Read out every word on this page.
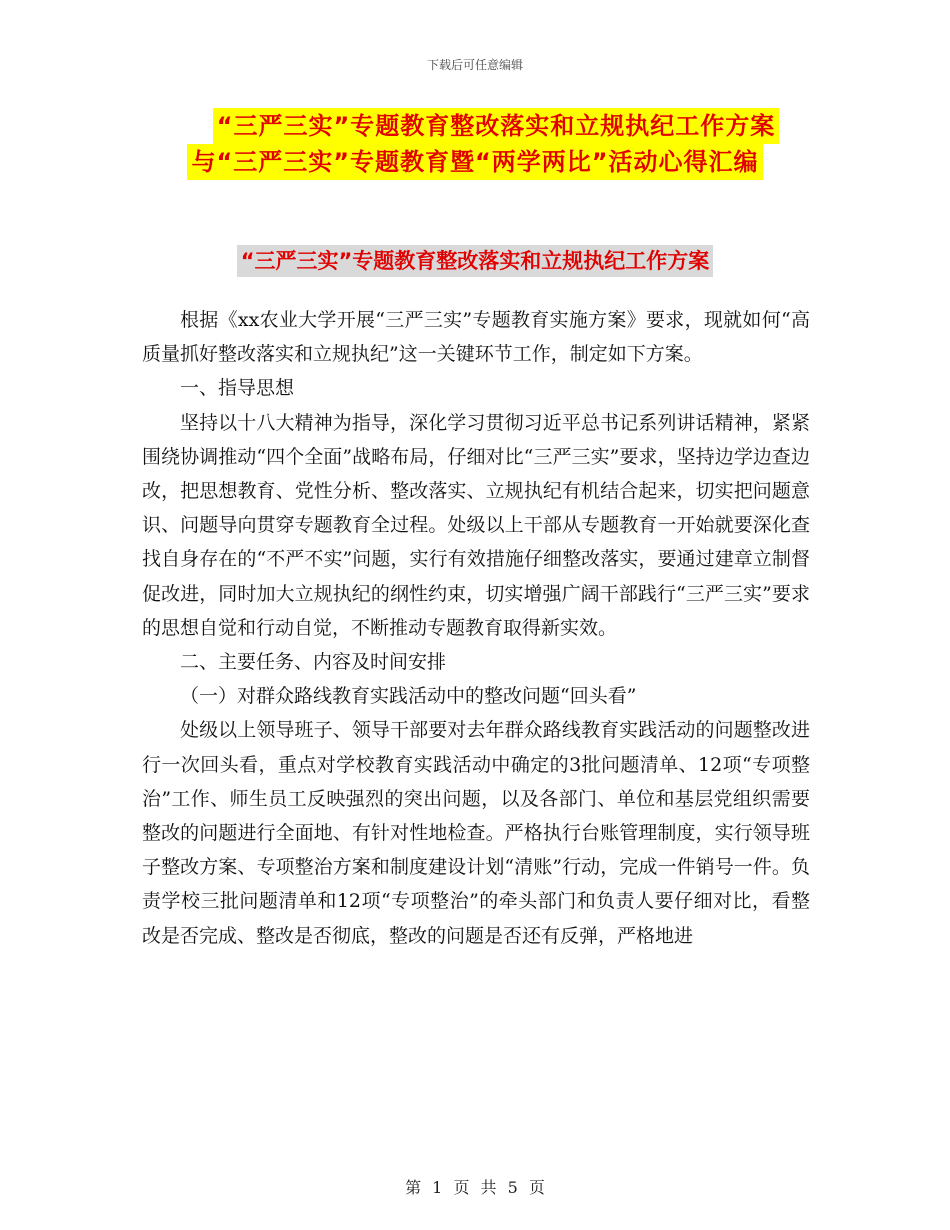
下载后可任意编辑
“三严三实”专题教育整改落实和立规执纪工作方案
与“三严三实”专题教育暨“两学两比”活动心得汇编
“三严三实”专题教育整改落实和立规执纪工作方案

根据《xx农业大学开展“三严三实”专题教育实施方案》要求，现就如何“高质量抓好整改落实和立规执纪”这一关键环节工作，制定如下方案。

一、指导思想

坚持以十八大精神为指导，深化学习贯彻习近平总书记系列讲话精神，紧紧围绕协调推动“四个全面”战略布局，仔细对比“三严三实”要求，坚持边学边查边改，把思想教育、党性分析、整改落实、立规执纪有机结合起来，切实把问题意识、问题导向贯穿专题教育全过程。处级以上干部从专题教育一开始就要深化查找自身存在的“不严不实”问题，实行有效措施仔细整改落实，要通过建章立制督促改进，同时加大立规执纪的纲性约束，切实增强广阔干部践行“三严三实”要求的思想自觉和行动自觉，不断推动专题教育取得新实效。

二、主要任务、内容及时间安排

（一）对群众路线教育实践活动中的整改问题“回头看”

处级以上领导班子、领导干部要对去年群众路线教育实践活动的问题整改进行一次回头看，重点对学校教育实践活动中确定的3批问题清单、12项“专项整治”工作、师生员工反映强烈的突出问题，以及各部门、单位和基层党组织需要整改的问题进行全面地、有针对性地检查。严格执行台账管理制度，实行领导班子整改方案、专项整治方案和制度建设计划“清账”行动，完成一件销号一件。负责学校三批问题清单和12项“专项整治”的牵头部门和负责人要仔细对比，看整改是否完成、整改是否彻底，整改的问题是否还有反弹，严格地进

第 1 页 共 5 页
